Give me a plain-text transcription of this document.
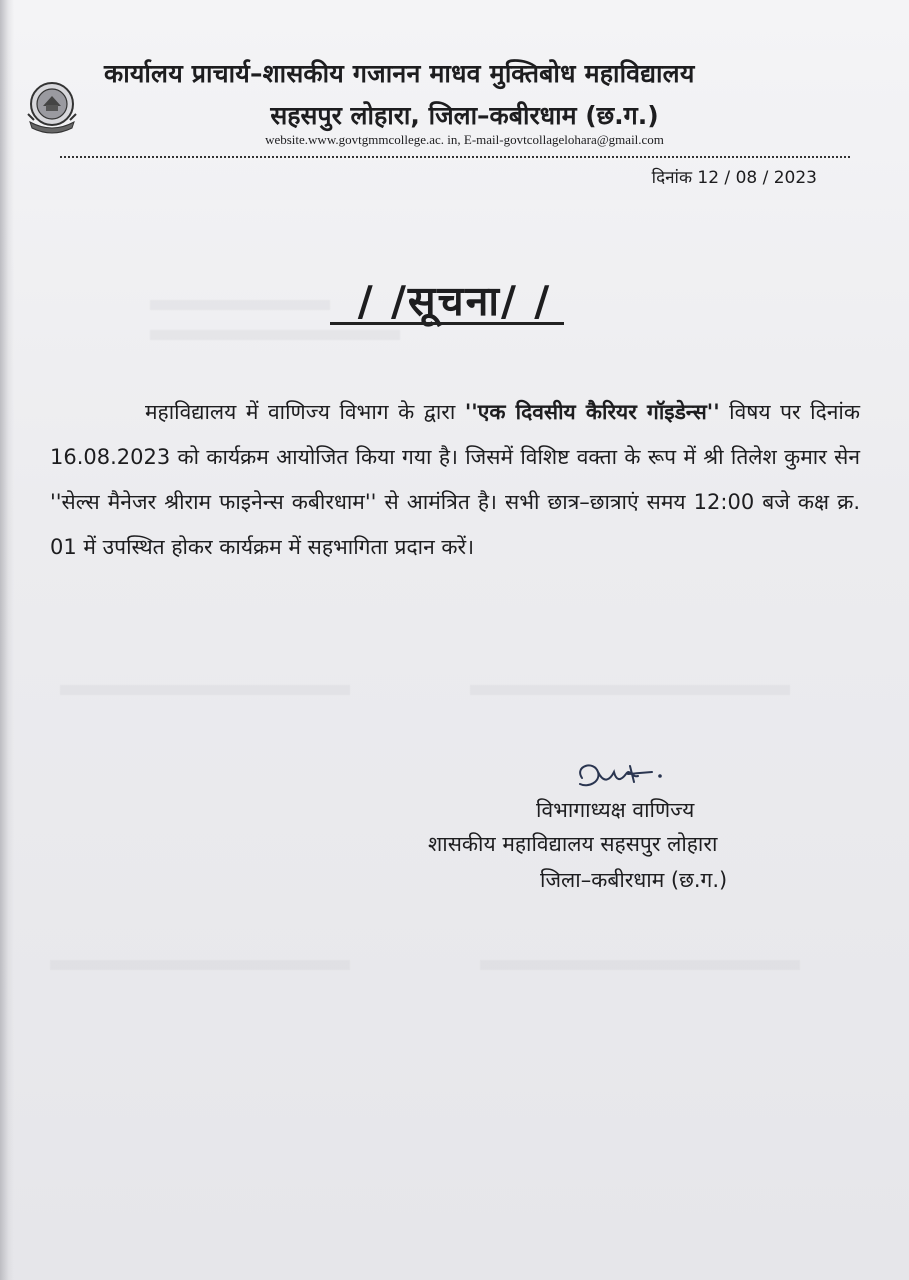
कार्यालय प्राचार्य–शासकीय गजानन माधव मुक्तिबोध महाविद्यालय
सहसपुर लोहारा, जिला–कबीरधाम (छ.ग.)
website.www.govtgmmcollege.ac. in, E-mail-govtcollagelohara@gmail.com
दिनांक 12 / 08 / 2023
/ /सूचना/ /
महाविद्यालय में वाणिज्य विभाग के द्वारा ''एक दिवसीय कैरियर गॉइडेन्स'' विषय पर दिनांक 16.08.2023 को कार्यक्रम आयोजित किया गया है। जिसमें विशिष्ट वक्ता के रूप में श्री तिलेश कुमार सेन ''सेल्स मैनेजर श्रीराम फाइनेन्स कबीरधाम'' से आमंत्रित है। सभी छात्र–छात्राएं समय 12:00 बजे कक्ष क्र. 01 में उपस्थित होकर कार्यक्रम में सहभागिता प्रदान करें।
विभागाध्यक्ष वाणिज्य
शासकीय महाविद्यालय सहसपुर लोहारा
जिला–कबीरधाम (छ.ग.)
